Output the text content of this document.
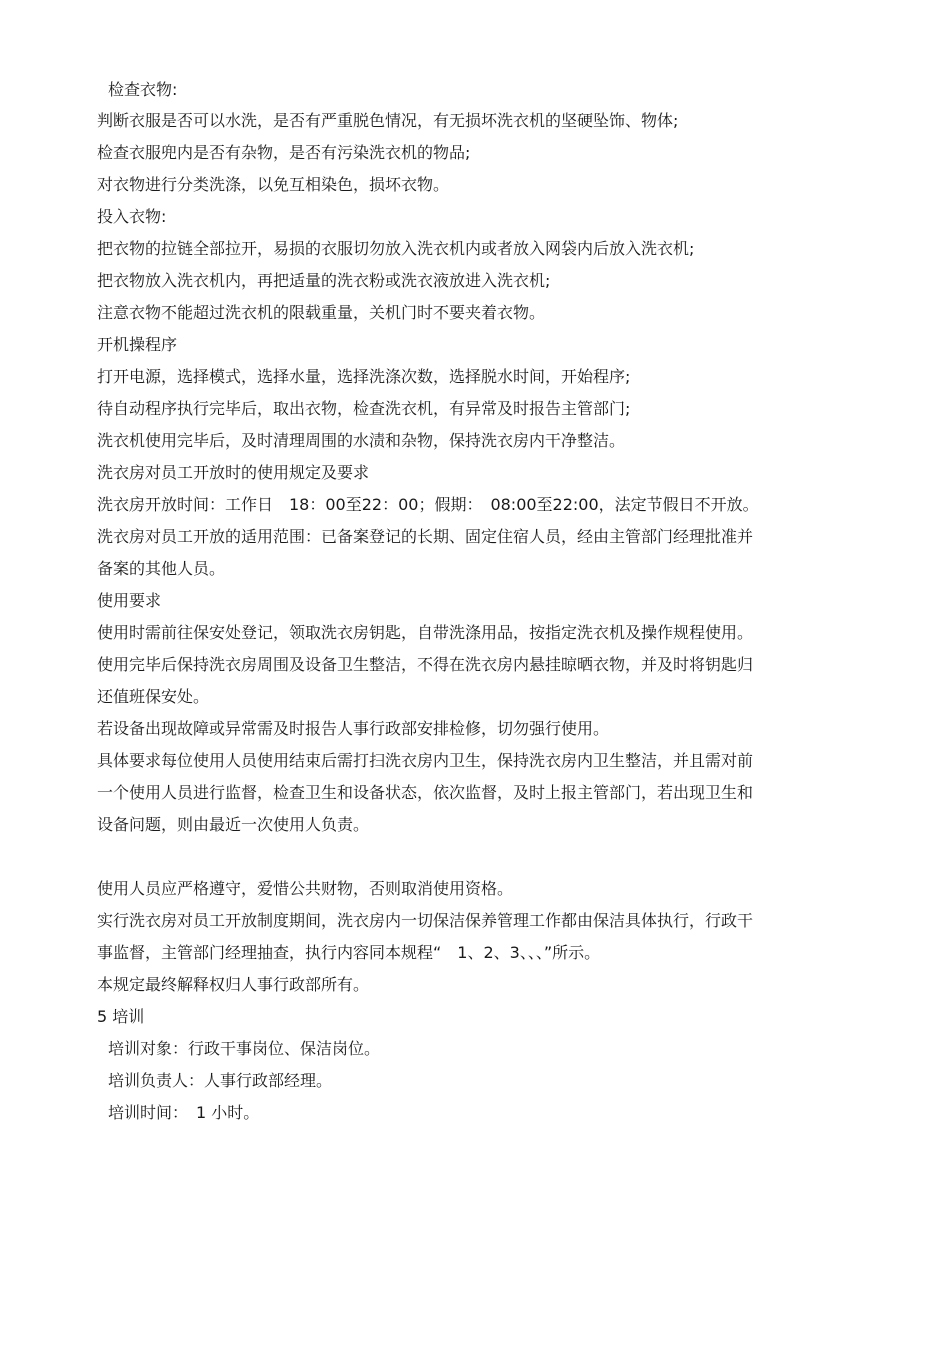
检查衣物:
判断衣服是否可以水洗，是否有严重脱色情况，有无损坏洗衣机的坚硬坠饰、物体;
检查衣服兜内是否有杂物，是否有污染洗衣机的物品;
对衣物进行分类洗涤，以免互相染色，损坏衣物。
投入衣物:
把衣物的拉链全部拉开，易损的衣服切勿放入洗衣机内或者放入网袋内后放入洗衣机;
把衣物放入洗衣机内，再把适量的洗衣粉或洗衣液放进入洗衣机;
注意衣物不能超过洗衣机的限载重量，关机门时不要夹着衣物。
开机操程序
打开电源，选择模式，选择水量，选择洗涤次数，选择脱水时间，开始程序;
待自动程序执行完毕后，取出衣物，检查洗衣机，有异常及时报告主管部门;
洗衣机使用完毕后，及时清理周围的水渍和杂物，保持洗衣房内干净整洁。
洗衣房对员工开放时的使用规定及要求
洗衣房开放时间：工作日　18：00至22：00；假期：　08:00至22:00，法定节假日不开放。
洗衣房对员工开放的适用范围：已备案登记的长期、固定住宿人员，经由主管部门经理批准并
备案的其他人员。
使用要求
使用时需前往保安处登记，领取洗衣房钥匙，自带洗涤用品，按指定洗衣机及操作规程使用。
使用完毕后保持洗衣房周围及设备卫生整洁，不得在洗衣房内悬挂晾晒衣物，并及时将钥匙归
还值班保安处。
若设备出现故障或异常需及时报告人事行政部安排检修，切勿强行使用。
具体要求每位使用人员使用结束后需打扫洗衣房内卫生，保持洗衣房内卫生整洁，并且需对前
一个使用人员进行监督，检查卫生和设备状态，依次监督，及时上报主管部门，若出现卫生和
设备问题，则由最近一次使用人负责。
使用人员应严格遵守，爱惜公共财物，否则取消使用资格。
实行洗衣房对员工开放制度期间，洗衣房内一切保洁保养管理工作都由保洁具体执行，行政干
事监督，主管部门经理抽查，执行内容同本规程“　1、2、3、、、”所示。
本规定最终解释权归人事行政部所有。
5 培训
培训对象：行政干事岗位、保洁岗位。
培训负责人：人事行政部经理。
培训时间：　1 小时。
